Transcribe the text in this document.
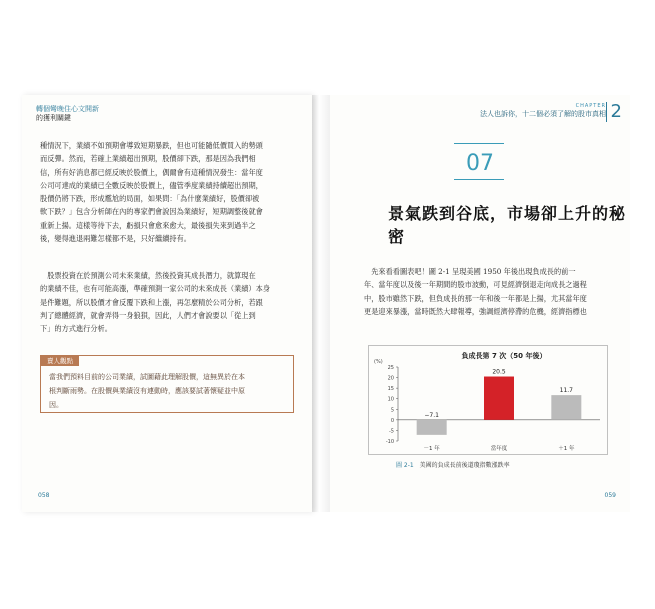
轉個彎晚住心文開新
的獲利關鍵
種情況下，業績不如預期會導致短期暴跌，但也可能隨低價買入的勢頭
而反彈。然而，若確上業績超出預期，股價卻下跌，那是因為我們相
信，所有好消息都已經反映於股價上，偶爾會有這種情況發生：當年度
公司可達成的業績已全數反映於股價上，儘管季度業績持續超出預期，
股價仍將下跌，形成尷尬的局面，如果問：「為什麼業績好，股價卻被
軟下跌？」包含分析師在內的專家們會說因為業績好，短期調整後就會
重新上揚。這樣等待下去，虧損只會愈來愈大，最後損失來到過半之
後，變得進退兩難怎樣都不是，只好繼續持有。
　股票投資在於預測公司未來業績，然後投資其成長潛力，就算現在
的業績不佳，也有可能高漲，準確預測一家公司的未來成長（業績）本身
是件難題，所以股價才會反覆下跌和上漲，再怎麼精於公司分析，若跟
判了總體經濟，就會弄得一身狼狽，因此，人們才會說要以「從上到
下」的方式進行分析。
賣人觀點
當我們預料目前的公司業績，試圖藉此理解股價，這無異於在本
根判斷雨勢。在股價與業績沒有連動時，應該要試著懷疑並中原
因。
058
CHAPTER
法人也訴你，十二個必須了解的股市真相 2
07
景氣跌到谷底，市場卻上升的秘密
　先來看看圖表吧！圖 2-1 呈現美國 1950 年後出現負成長的前一
年、當年度以及後一年期間的股市波動，可見經濟倒退走向成長之過程
中，股市雖然下跌，但負成長的那一年和後一年都是上揚，尤其當年度
更是迎來暴漲，當時既然大肆報導，強調經濟停滯的危機，經濟指標也
負成長第 7 次（50 年後）
(%)
25
20
15
10
5
0
-5
-10
−7.1
－1 年
20.5
當年度
11.7
＋1 年
圖 2-1 美國的負成長前後道瓊指數漲跌率
059
